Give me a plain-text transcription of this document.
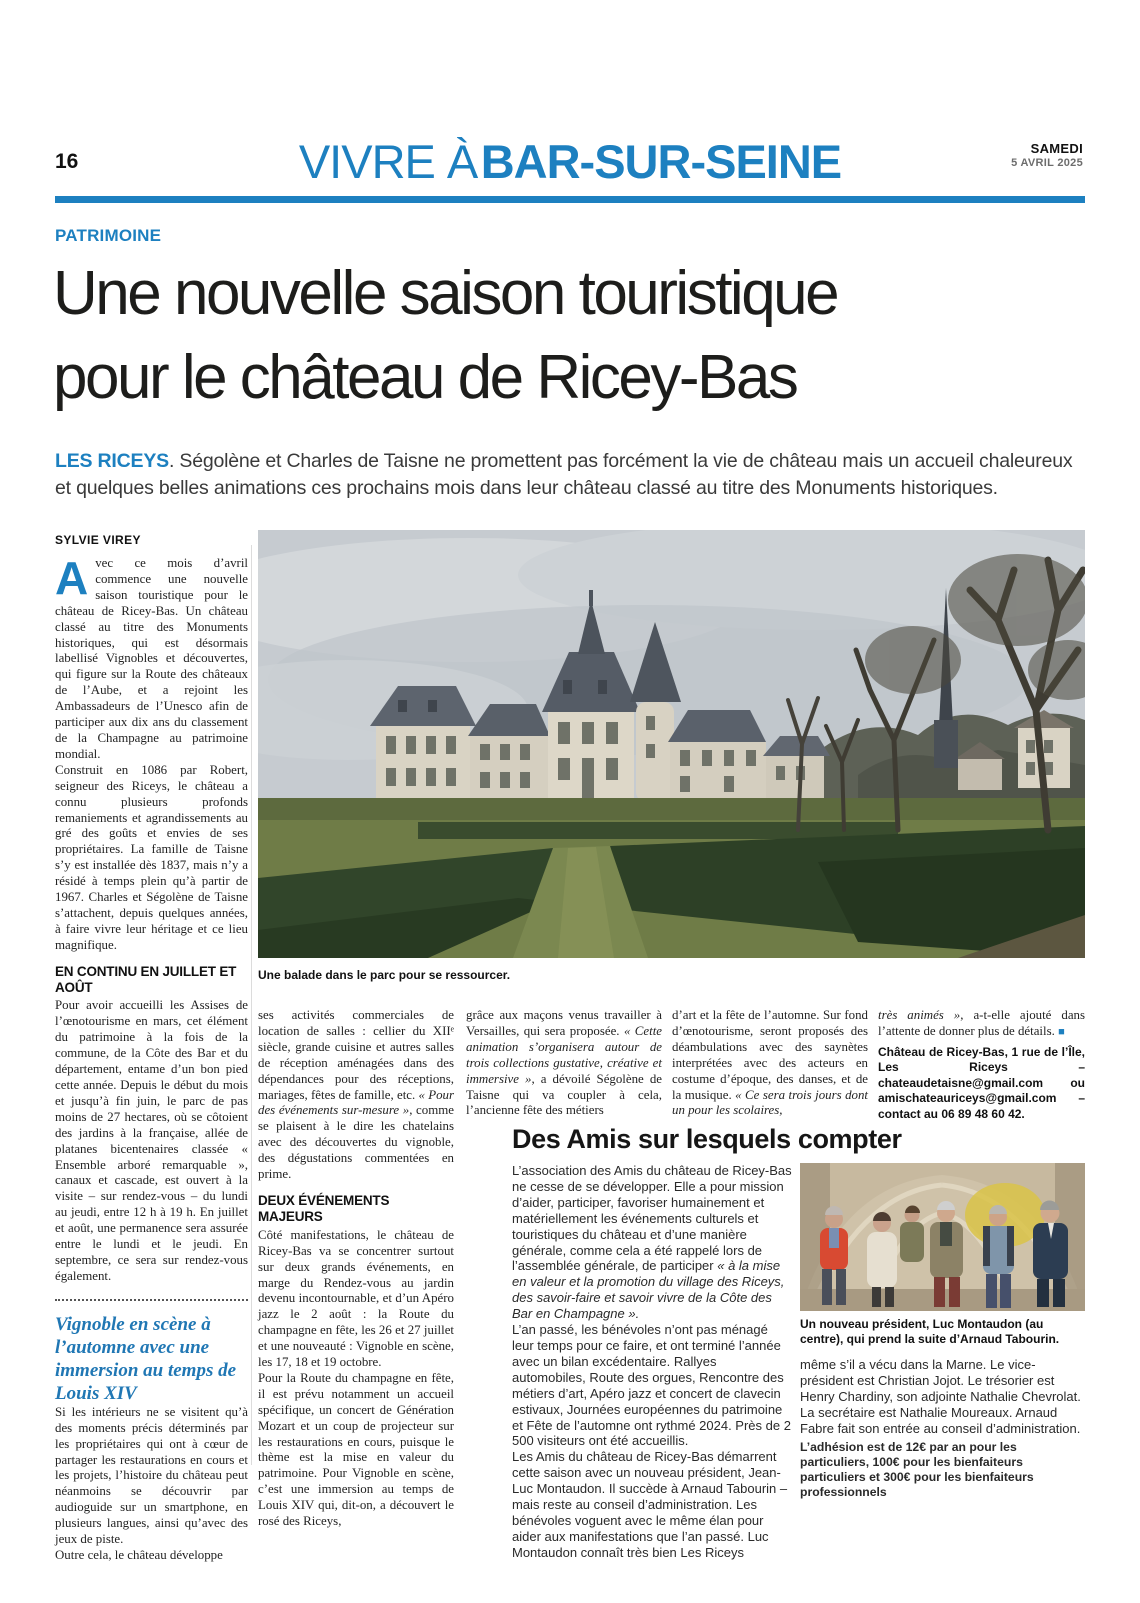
16	VIVRE À BAR-SUR-SEINE	SAMEDI
5 AVRIL 2025
PATRIMOINE
Une nouvelle saison touristique
pour le château de Ricey-Bas
LES RICEYS. Ségolène et Charles de Taisne ne promettent pas forcément la vie de château mais un accueil chaleureux et quelques belles animations ces prochains mois dans leur château classé au titre des Monuments historiques.
SYLVIE VIREY

Avec ce mois d’avril commence une nouvelle saison touristique pour le château de Ricey-Bas. Un château classé au titre des Monuments historiques, qui est désormais labellisé Vignobles et découvertes, qui figure sur la Route des châteaux de l’Aube, et a rejoint les Ambassadeurs de l’Unesco afin de participer aux dix ans du classement de la Champagne au patrimoine mondial.

Construit en 1086 par Robert, seigneur des Riceys, le château a connu plusieurs profonds remaniements et agrandissements au gré des goûts et envies de ses propriétaires. La famille de Taisne s’y est installée dès 1837, mais n’y a résidé à temps plein qu’à partir de 1967. Charles et Ségolène de Taisne s’attachent, depuis quelques années, à faire vivre leur héritage et ce lieu magnifique.

EN CONTINU EN JUILLET ET AOÛT

Pour avoir accueilli les Assises de l’œnotourisme en mars, cet élément du patrimoine à la fois de la commune, de la Côte des Bar et du département, entame d’un bon pied cette année. Depuis le début du mois et jusqu’à fin juin, le parc de pas moins de 27 hectares, où se côtoient des jardins à la française, allée de platanes bicentenaires classée « Ensemble arboré remarquable », canaux et cascade, est ouvert à la visite – sur rendez-vous – du lundi au jeudi, entre 12 h à 19 h. En juillet et août, une permanence sera assurée entre le lundi et le jeudi. En septembre, ce sera sur rendez-vous également.

Vignoble en scène à l’automne avec une immersion au temps de Louis XIV

Si les intérieurs ne se visitent qu’à des moments précis déterminés par les propriétaires qui ont à cœur de partager les restaurations en cours et les projets, l’histoire du château peut néanmoins se découvrir par audioguide sur un smartphone, en plusieurs langues, ainsi qu’avec des jeux de piste.

Outre cela, le château développe

Une balade dans le parc pour se ressourcer.

ses activités commerciales de location de salles : cellier du XIIᵉ siècle, grande cuisine et autres salles de réception aménagées dans des dépendances pour des réceptions, mariages, fêtes de famille, etc. « Pour des événements sur-mesure », comme se plaisent à le dire les chatelains avec des découvertes du vignoble, des dégustations commentées en prime.

DEUX ÉVÉNEMENTS MAJEURS

Côté manifestations, le château de Ricey-Bas va se concentrer surtout sur deux grands événements, en marge du Rendez-vous au jardin devenu incontournable, et d’un Apéro jazz le 2 août : la Route du champagne en fête, les 26 et 27 juillet et une nouveauté : Vignoble en scène, les 17, 18 et 19 octobre.

Pour la Route du champagne en fête, il est prévu notamment un accueil spécifique, un concert de Génération Mozart et un coup de projecteur sur les restaurations en cours, puisque le thème est la mise en valeur du patrimoine. Pour Vignoble en scène, c’est une immersion au temps de Louis XIV qui, dit-on, a découvert le rosé des Riceys,

grâce aux maçons venus travailler à Versailles, qui sera proposée. « Cette animation s’organisera autour de trois collections gustative, créative et immersive », a dévoilé Ségolène de Taisne qui va coupler à cela, l’ancienne fête des métiers

d’art et la fête de l’automne. Sur fond d’œnotourisme, seront proposés des déambulations avec des saynètes interprétées avec des acteurs en costume d’époque, des danses, et de la musique. « Ce sera trois jours dont un pour les scolaires,

très animés », a-t-elle ajouté dans l’attente de donner plus de détails. ■

Château de Ricey-Bas, 1 rue de l’Île, Les Riceys – chateaudetaisne@gmail.com ou amischateauriceys@gmail.com – contact au 06 89 48 60 42.

Des Amis sur lesquels compter

L’association des Amis du château de Ricey-Bas ne cesse de se développer. Elle a pour mission d’aider, participer, favoriser humainement et matériellement les événements culturels et touristiques du château et d’une manière générale, comme cela a été rappelé lors de l’assemblée générale, de participer « à la mise en valeur et la promotion du village des Riceys, des savoir-faire et savoir vivre de la Côte des Bar en Champagne ».

L’an passé, les bénévoles n’ont pas ménagé leur temps pour ce faire, et ont terminé l’année avec un bilan excédentaire. Rallyes automobiles, Route des orgues, Rencontre des métiers d’art, Apéro jazz et concert de clavecin estivaux, Journées européennes du patrimoine et Fête de l’automne ont rythmé 2024. Près de 2 500 visiteurs ont été accueillis.

Les Amis du château de Ricey-Bas démarrent cette saison avec un nouveau président, Jean-Luc Montaudon. Il succède à Arnaud Tabourin – mais reste au conseil d’administration. Les bénévoles voguent avec le même élan pour aider aux manifestations que l’an passé. Luc Montaudon connaît très bien Les Riceys

Un nouveau président, Luc Montaudon (au centre), qui prend la suite d’Arnaud Tabourin.

même s’il a vécu dans la Marne. Le vice-président est Christian Jojot. Le trésorier est Henry Chardiny, son adjointe Nathalie Chevrolat. La secrétaire est Nathalie Moureaux. Arnaud Fabre fait son entrée au conseil d’administration.

L’adhésion est de 12€ par an pour les particuliers, 100€ pour les bienfaiteurs particuliers et 300€ pour les bienfaiteurs professionnels
